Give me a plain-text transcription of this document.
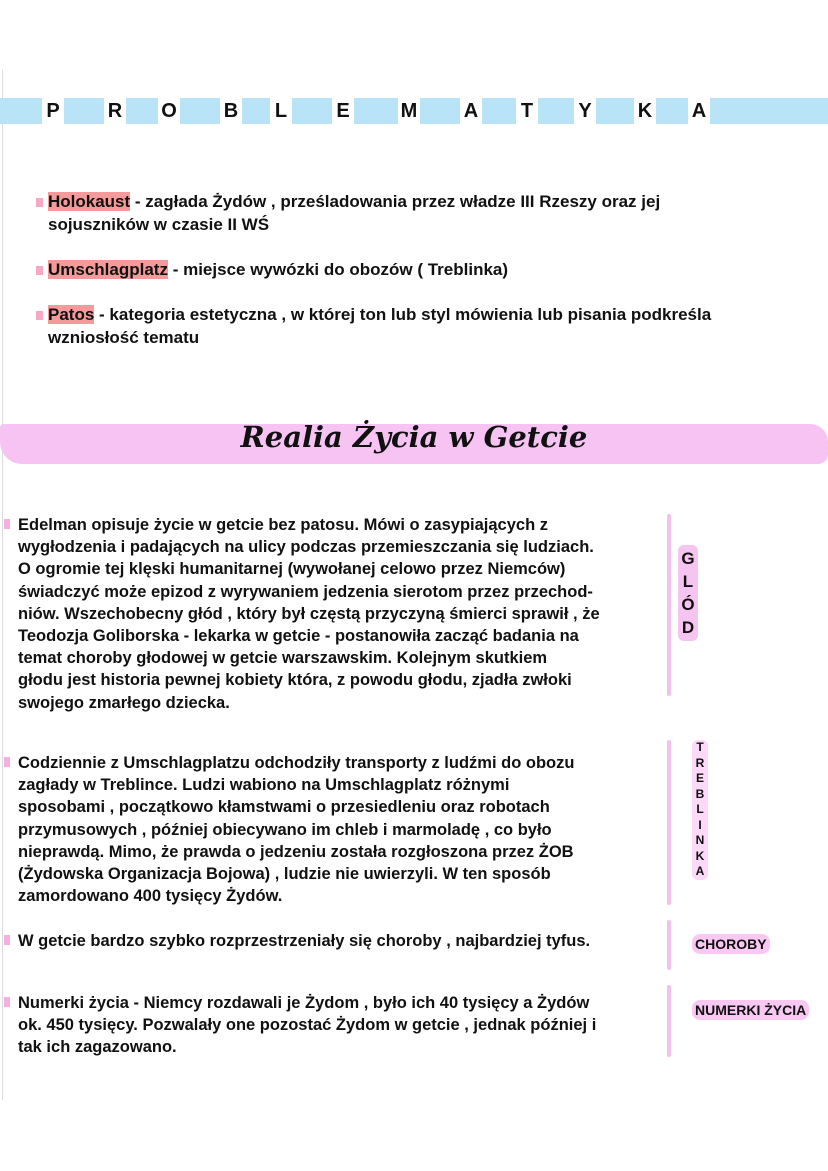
P R O B L E	M A T Y K A
Holokaust - zagłada Żydów , prześladowania przez władze III Rzeszy oraz jej sojuszników w czasie II WŚ
Umschlagplatz - miejsce wywózki do obozów ( Treblinka)
Patos - kategoria estetyczna , w której ton lub styl mówienia lub pisania podkreśla wzniosłość tematu
Realia Życia w Getcie
Edelman opisuje życie w getcie bez patosu. Mówi o zasypiających z
wygłodzenia i padających na ulicy podczas przemieszczania się ludziach.
O ogromie tej klęski humanitarnej (wywołanej celowo przez Niemców)
świadczyć może epizod z wyrywaniem jedzenia sierotom przez przechod-
niów. Wszechobecny głód , który był częstą przyczyną śmierci sprawił , że
Teodozja Goliborska - lekarka w getcie - postanowiła zacząć badania na
temat choroby głodowej w getcie warszawskim. Kolejnym skutkiem
głodu jest historia pewnej kobiety która, z powodu głodu, zjadła zwłoki
swojego zmarłego dziecka.
G
L
Ó
D
Codziennie z Umschlagplatzu odchodziły transporty z ludźmi do obozu
zagłady w Treblince. Ludzi wabiono na Umschlagplatz różnymi
sposobami , początkowo kłamstwami o przesiedleniu oraz robotach
przymusowych , później obiecywano im chleb i marmoladę , co było
nieprawdą. Mimo, że prawda o jedzeniu została rozgłoszona przez ŻOB
(Żydowska Organizacja Bojowa) , ludzie nie uwierzyli. W ten sposób
zamordowano 400 tysięcy Żydów.
T
R
E
B
L
I
N
K
A
W getcie bardzo szybko rozprzestrzeniały się choroby , najbardziej tyfus.	CHOROBY
Numerki życia - Niemcy rozdawali je Żydom , było ich 40 tysięcy a Żydów
ok. 450 tysięcy. Pozwalały one pozostać Żydom w getcie , jednak później i
tak ich zagazowano.
NUMERKI ŻYCIA
